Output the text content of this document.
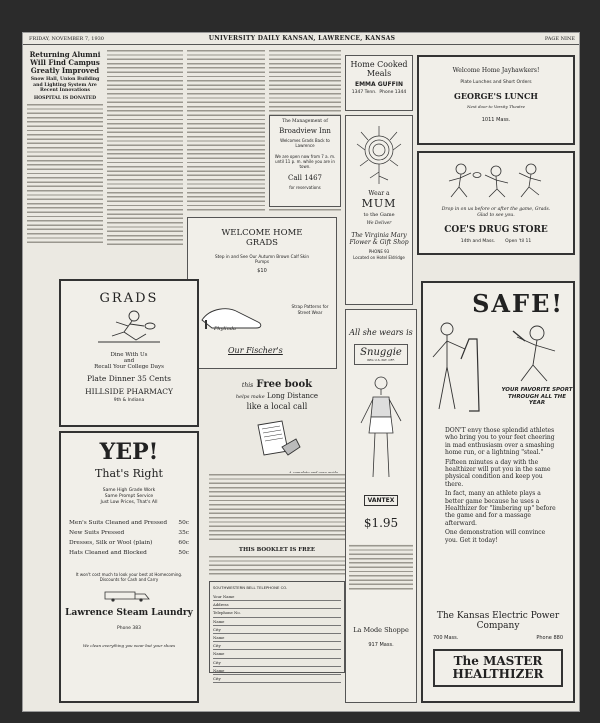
FRIDAY, NOVEMBER 7, 1930	UNIVERSITY DAILY KANSAN, LAWRENCE, KANSAS	PAGE NINE
Returning Alumni Will Find Campus Greatly Improved
Snow Hall, Union Building and Lighting System Are Recent Innovations
HOSPITAL IS DONATED
Home Cooked Meals
EMMA GUFFIN
1347 Tenn. Phone 1344
Welcome Home Jayhawkers!
Plate Lunches and Short Orders
GEORGE'S LUNCH
Next door to Varsity Theatre
1011 Mass.
The Management of
Broadview Inn
Welcomes Grads Back to Lawrence
We are open now from 7 a. m. until 11 p. m. while you are in town.
Call 1467
for reservations
Wear a
MUM
to the Game
We Deliver
The Virginia Mary Flower & Gift Shop
PHONE 93
Located on Hotel Eldridge
Drop in on us before or after the game, Grads. Glad to see you.
COE'S DRUG STORE
14th and Mass. Open 'til 11
WELCOME HOME GRADS
Step in and See Our Autumn Brown Calf Skin Pumps
$10
Phylinda
Strap Patterns for Street Wear
Our Fischer's
GRADS
Dine With Us
and
Recall Your College Days
Plate Dinner 35 Cents
HILLSIDE PHARMACY
9th & Indiana
YEP!
That's Right
Same High Grade Work
Same Prompt Service
Just Low Prices, That's All
Men's Suits Cleaned and Pressed 50c
New Suits Pressed	35c
Dresses, Silk or Wool (plain)	60c
Hats Cleaned and Blocked	50c
It won't cost much to look your best at Homecoming. Discounts for Cash and Carry
Lawrence Steam Laundry
Phone 383
We clean everything you wear but your shoes
this Free book
helps make Long Distance
like a local call
THIS BOOKLET IS FREE
SOUTHWESTERN BELL TELEPHONE CO.
Your Name
Address
Telephone No.
Name
City
Name
City
Name
City
Name
City
All she wears is
Snuggie
REG U.S. PAT. OFF.
VANTEX
$1.95
La Mode Shoppe
917 Mass.
SAFE!
YOUR FAVORITE SPORT THROUGH ALL THE YEAR

DON'T envy those splendid athletes who bring you to your feet cheering in mad enthusiasm over a smashing home run, or a lightning "steal."

Fifteen minutes a day with the healthizer will put you in the same physical condition and keep you there.

In fact, many an athlete plays a better game because he uses a Healthizer for "limbering up" before the game and for a massage afterward.

One demonstration will convince you. Get it today!

The Kansas Electric Power Company
700 Mass.	Phone 880
The MASTER HEALTHIZER
